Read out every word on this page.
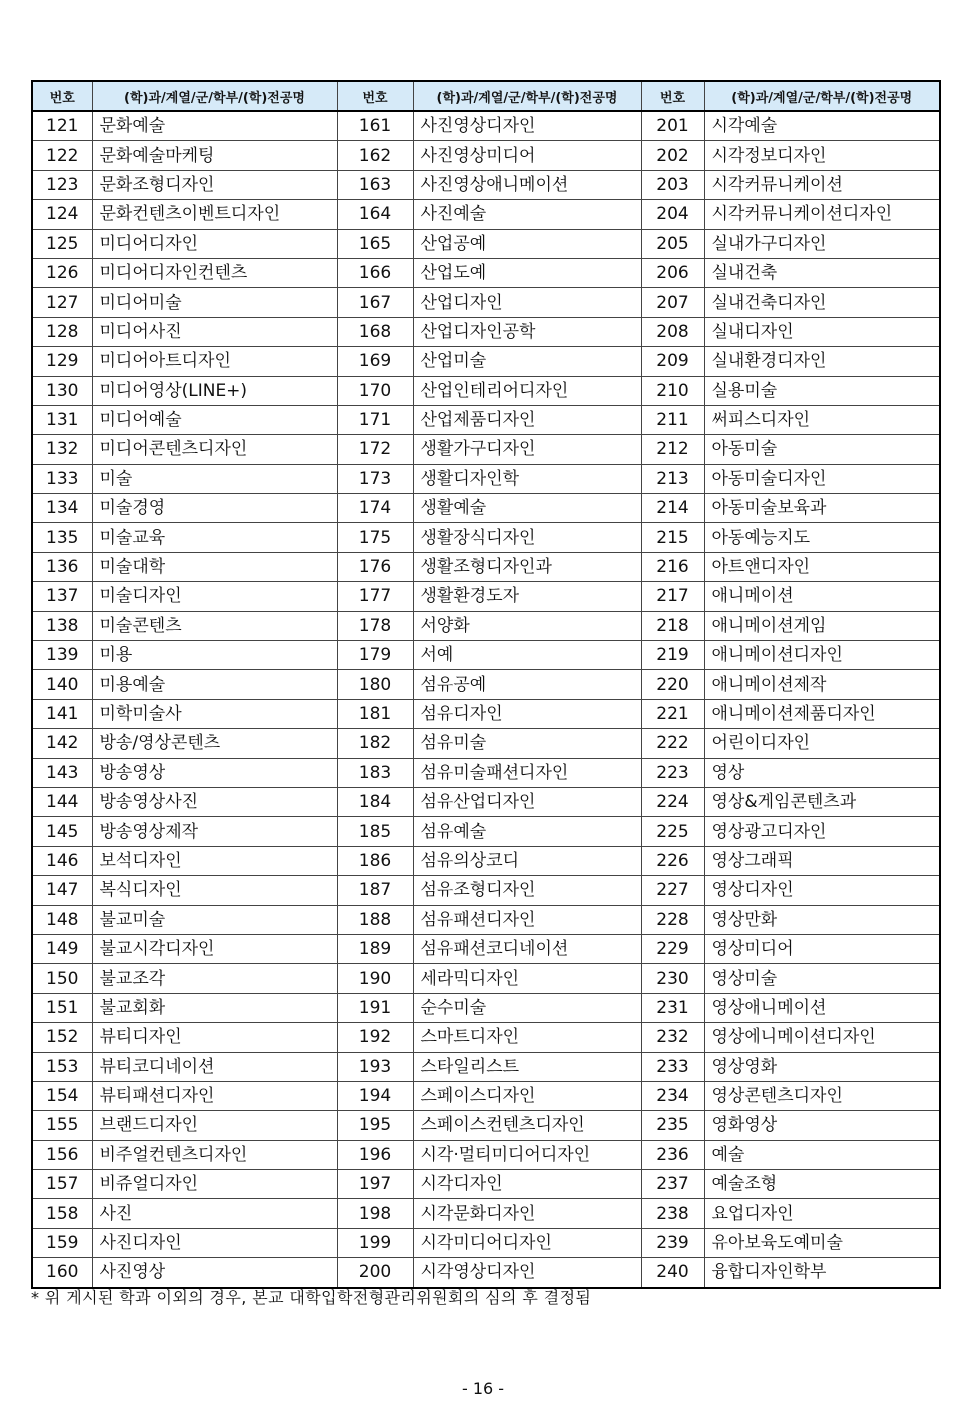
번호	(학)과/계열/군/학부/(학)전공명	번호	(학)과/계열/군/학부/(학)전공명	번호	(학)과/계열/군/학부/(학)전공명
121	문화예술	161	사진영상디자인	201	시각예술
122	문화예술마케팅	162	사진영상미디어	202	시각정보디자인
123	문화조형디자인	163	사진영상애니메이션	203	시각커뮤니케이션
124	문화컨텐츠이벤트디자인	164	사진예술	204	시각커뮤니케이션디자인
125	미디어디자인	165	산업공예	205	실내가구디자인
126	미디어디자인컨텐츠	166	산업도예	206	실내건축
127	미디어미술	167	산업디자인	207	실내건축디자인
128	미디어사진	168	산업디자인공학	208	실내디자인
129	미디어아트디자인	169	산업미술	209	실내환경디자인
130	미디어영상(LINE+)	170	산업인테리어디자인	210	실용미술
131	미디어예술	171	산업제품디자인	211	써피스디자인
132	미디어콘텐츠디자인	172	생활가구디자인	212	아동미술
133	미술	173	생활디자인학	213	아동미술디자인
134	미술경영	174	생활예술	214	아동미술보육과
135	미술교육	175	생활장식디자인	215	아동예능지도
136	미술대학	176	생활조형디자인과	216	아트앤디자인
137	미술디자인	177	생활환경도자	217	애니메이션
138	미술콘텐츠	178	서양화	218	애니메이션게임
139	미용	179	서예	219	애니메이션디자인
140	미용예술	180	섬유공예	220	애니메이션제작
141	미학미술사	181	섬유디자인	221	애니메이션제품디자인
142	방송/영상콘텐츠	182	섬유미술	222	어린이디자인
143	방송영상	183	섬유미술패션디자인	223	영상
144	방송영상사진	184	섬유산업디자인	224	영상&게임콘텐츠과
145	방송영상제작	185	섬유예술	225	영상광고디자인
146	보석디자인	186	섬유의상코디	226	영상그래픽
147	복식디자인	187	섬유조형디자인	227	영상디자인
148	불교미술	188	섬유패션디자인	228	영상만화
149	불교시각디자인	189	섬유패션코디네이션	229	영상미디어
150	불교조각	190	세라믹디자인	230	영상미술
151	불교회화	191	순수미술	231	영상애니메이션
152	뷰티디자인	192	스마트디자인	232	영상에니메이션디자인
153	뷰티코디네이션	193	스타일리스트	233	영상영화
154	뷰티패션디자인	194	스페이스디자인	234	영상콘텐츠디자인
155	브랜드디자인	195	스페이스컨텐츠디자인	235	영화영상
156	비주얼컨텐츠디자인	196	시각·멀티미디어디자인	236	예술
157	비쥬얼디자인	197	시각디자인	237	예술조형
158	사진	198	시각문화디자인	238	요업디자인
159	사진디자인	199	시각미디어디자인	239	유아보육도예미술
160	사진영상	200	시각영상디자인	240	융합디자인학부
* 위 게시된 학과 이외의 경우, 본교 대학입학전형관리위원회의 심의 후 결정됨
- 16 -
